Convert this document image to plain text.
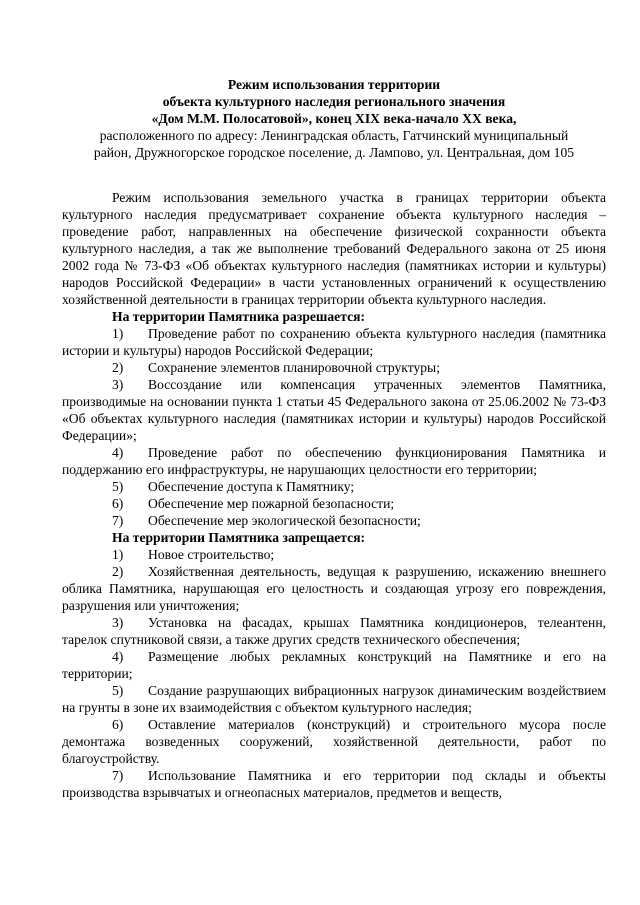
Режим использования территории
объекта культурного наследия регионального значения
«Дом М.М. Полосатовой», конец XIX века-начало XX века,
расположенного по адресу: Ленинградская область, Гатчинский муниципальный
район, Дружногорское городское поселение, д. Лампово, ул. Центральная, дом 105

Режим использования земельного участка в границах территории объекта культурного наследия предусматривает сохранение объекта культурного наследия – проведение работ, направленных на обеспечение физической сохранности объекта культурного наследия, а так же выполнение требований Федерального закона от 25 июня 2002 года № 73-ФЗ «Об объектах культурного наследия (памятниках истории и культуры) народов Российской Федерации» в части установленных ограничений к осуществлению хозяйственной деятельности в границах территории объекта культурного наследия.

На территории Памятника разрешается:

1) Проведение работ по сохранению объекта культурного наследия (памятника истории и культуры) народов Российской Федерации;

2) Сохранение элементов планировочной структуры;

3) Воссоздание или компенсация утраченных элементов Памятника, производимые на основании пункта 1 статьи 45 Федерального закона от 25.06.2002 № 73-ФЗ «Об объектах культурного наследия (памятниках истории и культуры) народов Российской Федерации»;

4) Проведение работ по обеспечению функционирования Памятника и поддержанию его инфраструктуры, не нарушающих целостности его территории;

5) Обеспечение доступа к Памятнику;

6) Обеспечение мер пожарной безопасности;

7) Обеспечение мер экологической безопасности;

На территории Памятника запрещается:

1) Новое строительство;

2) Хозяйственная деятельность, ведущая к разрушению, искажению внешнего облика Памятника, нарушающая его целостность и создающая угрозу его повреждения, разрушения или уничтожения;

3) Установка на фасадах, крышах Памятника кондиционеров, телеантенн, тарелок спутниковой связи, а также других средств технического обеспечения;

4) Размещение любых рекламных конструкций на Памятнике и его на территории;

5) Создание разрушающих вибрационных нагрузок динамическим воздействием на грунты в зоне их взаимодействия с объектом культурного наследия;

6) Оставление материалов (конструкций) и строительного мусора после демонтажа возведенных сооружений, хозяйственной деятельности, работ по благоустройству.

7) Использование Памятника и его территории под склады и объекты производства взрывчатых и огнеопасных материалов, предметов и веществ,
